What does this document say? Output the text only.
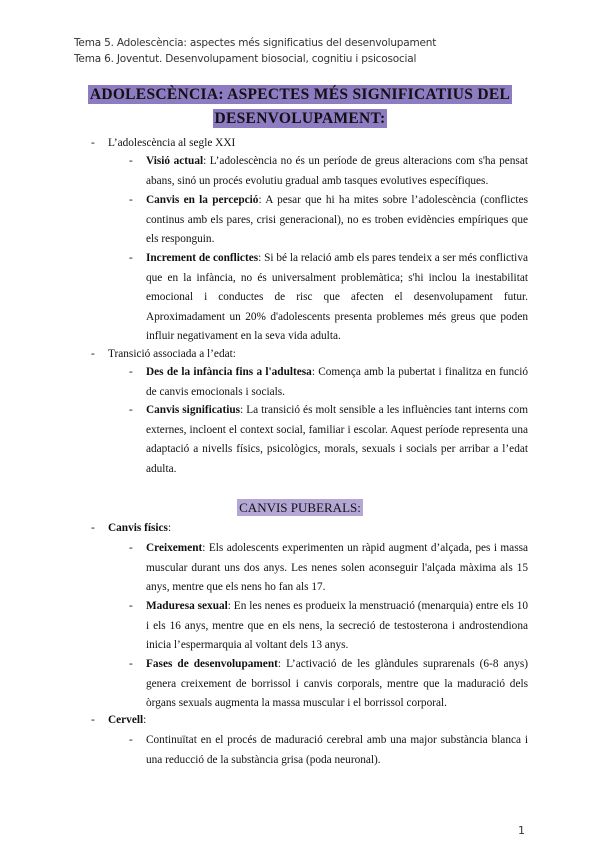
Tema 5. Adolescència: aspectes més significatius del desenvolupament
Tema 6. Joventut. Desenvolupament biosocial, cognitiu i psicosocial
ADOLESCÈNCIA: ASPECTES MÉS SIGNIFICATIUS DEL
DESENVOLUPAMENT:
- L’adolescència al segle XXI
- Visió actual: L’adolescència no és un període de greus alteracions com s'ha pensat abans, sinó un procés evolutiu gradual amb tasques evolutives específiques.
- Canvis en la percepció: A pesar que hi ha mites sobre l’adolescència (conflictes continus amb els pares, crisi generacional), no es troben evidències empíriques que els responguin.
- Increment de conflictes: Si bé la relació amb els pares tendeix a ser més conflictiva que en la infància, no és universalment problemàtica; s'hi inclou la inestabilitat emocional i conductes de risc que afecten el desenvolupament futur. Aproximadament un 20% d'adolescents presenta problemes més greus que poden influir negativament en la seva vida adulta.
- Transició associada a l’edat:
- Des de la infància fins a l'adultesa: Comença amb la pubertat i finalitza en funció de canvis emocionals i socials.
- Canvis significatius: La transició és molt sensible a les influències tant interns com externes, incloent el context social, familiar i escolar. Aquest període representa una adaptació a nivells físics, psicològics, morals, sexuals i socials per arribar a l’edat adulta.
CANVIS PUBERALS:
- Canvis físics:
- Creixement: Els adolescents experimenten un ràpid augment d’alçada, pes i massa muscular durant uns dos anys. Les nenes solen aconseguir l'alçada màxima als 15 anys, mentre que els nens ho fan als 17.
- Maduresa sexual: En les nenes es produeix la menstruació (menarquia) entre els 10 i els 16 anys, mentre que en els nens, la secreció de testosterona i androstendiona inicia l’espermarquia al voltant dels 13 anys.
- Fases de desenvolupament: L’activació de les glàndules suprarenals (6-8 anys) genera creixement de borrissol i canvis corporals, mentre que la maduració dels òrgans sexuals augmenta la massa muscular i el borrissol corporal.
- Cervell:
- Continuïtat en el procés de maduració cerebral amb una major substància blanca i una reducció de la substància grisa (poda neuronal).
1
